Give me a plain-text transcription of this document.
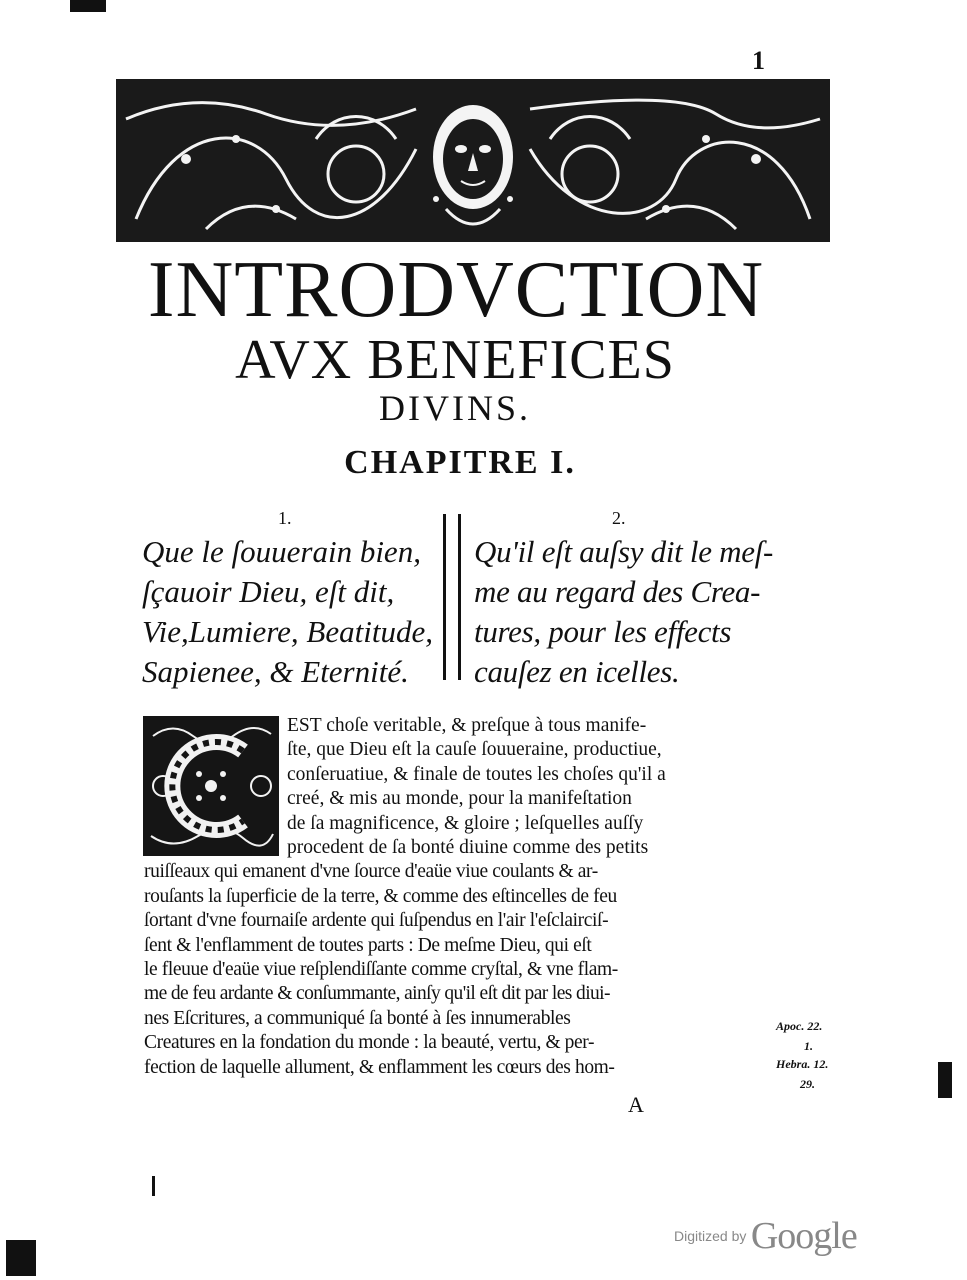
1
INTRODVCTION
AVX BENEFICES
DIVINS.
CHAPITRE I.
1.
Que le ſouuerain bien,
ſçauoir Dieu, eſt dit,
Vie,Lumiere, Beatitude,
Sapienee, & Eternité.
2.
Qu'il eſt auſsy dit le meſ-
me au regard des Crea-
tures, pour les effects
cauſez en icelles.

EST choſe veritable, & preſque à tous manife-

ſte, que Dieu eſt la cauſe ſouueraine, productiue,

conſeruatiue, & finale de toutes les choſes qu'il a

creé, & mis au monde, pour la manifeſtation

de ſa magnificence, & gloire ; leſquelles auſſy

procedent de ſa bonté diuine comme des petits

ruiſſeaux qui emanent d'vne ſource d'eaüe viue coulants & ar-

rouſants la ſuperficie de la terre, & comme des eſtincelles de feu

ſortant d'vne fournaiſe ardente qui ſuſpendus en l'air l'eſclairciſ-

ſent & l'enflamment de toutes parts : De meſme Dieu, qui eſt

le fleuue d'eaüe viue reſplendiſſante comme cryſtal, & vne flam-

me de feu ardante & conſummante, ainſy qu'il eſt dit par les diui-

nes Eſcritures, a communiqué ſa bonté à ſes innumerables

Creatures en la fondation du monde : la beauté, vertu, & per-

fection de laquelle allument, & enflamment les cœurs des hom-

Apoc. 22.
1.
Hebra. 12.
29.
A
Digitized by Google
